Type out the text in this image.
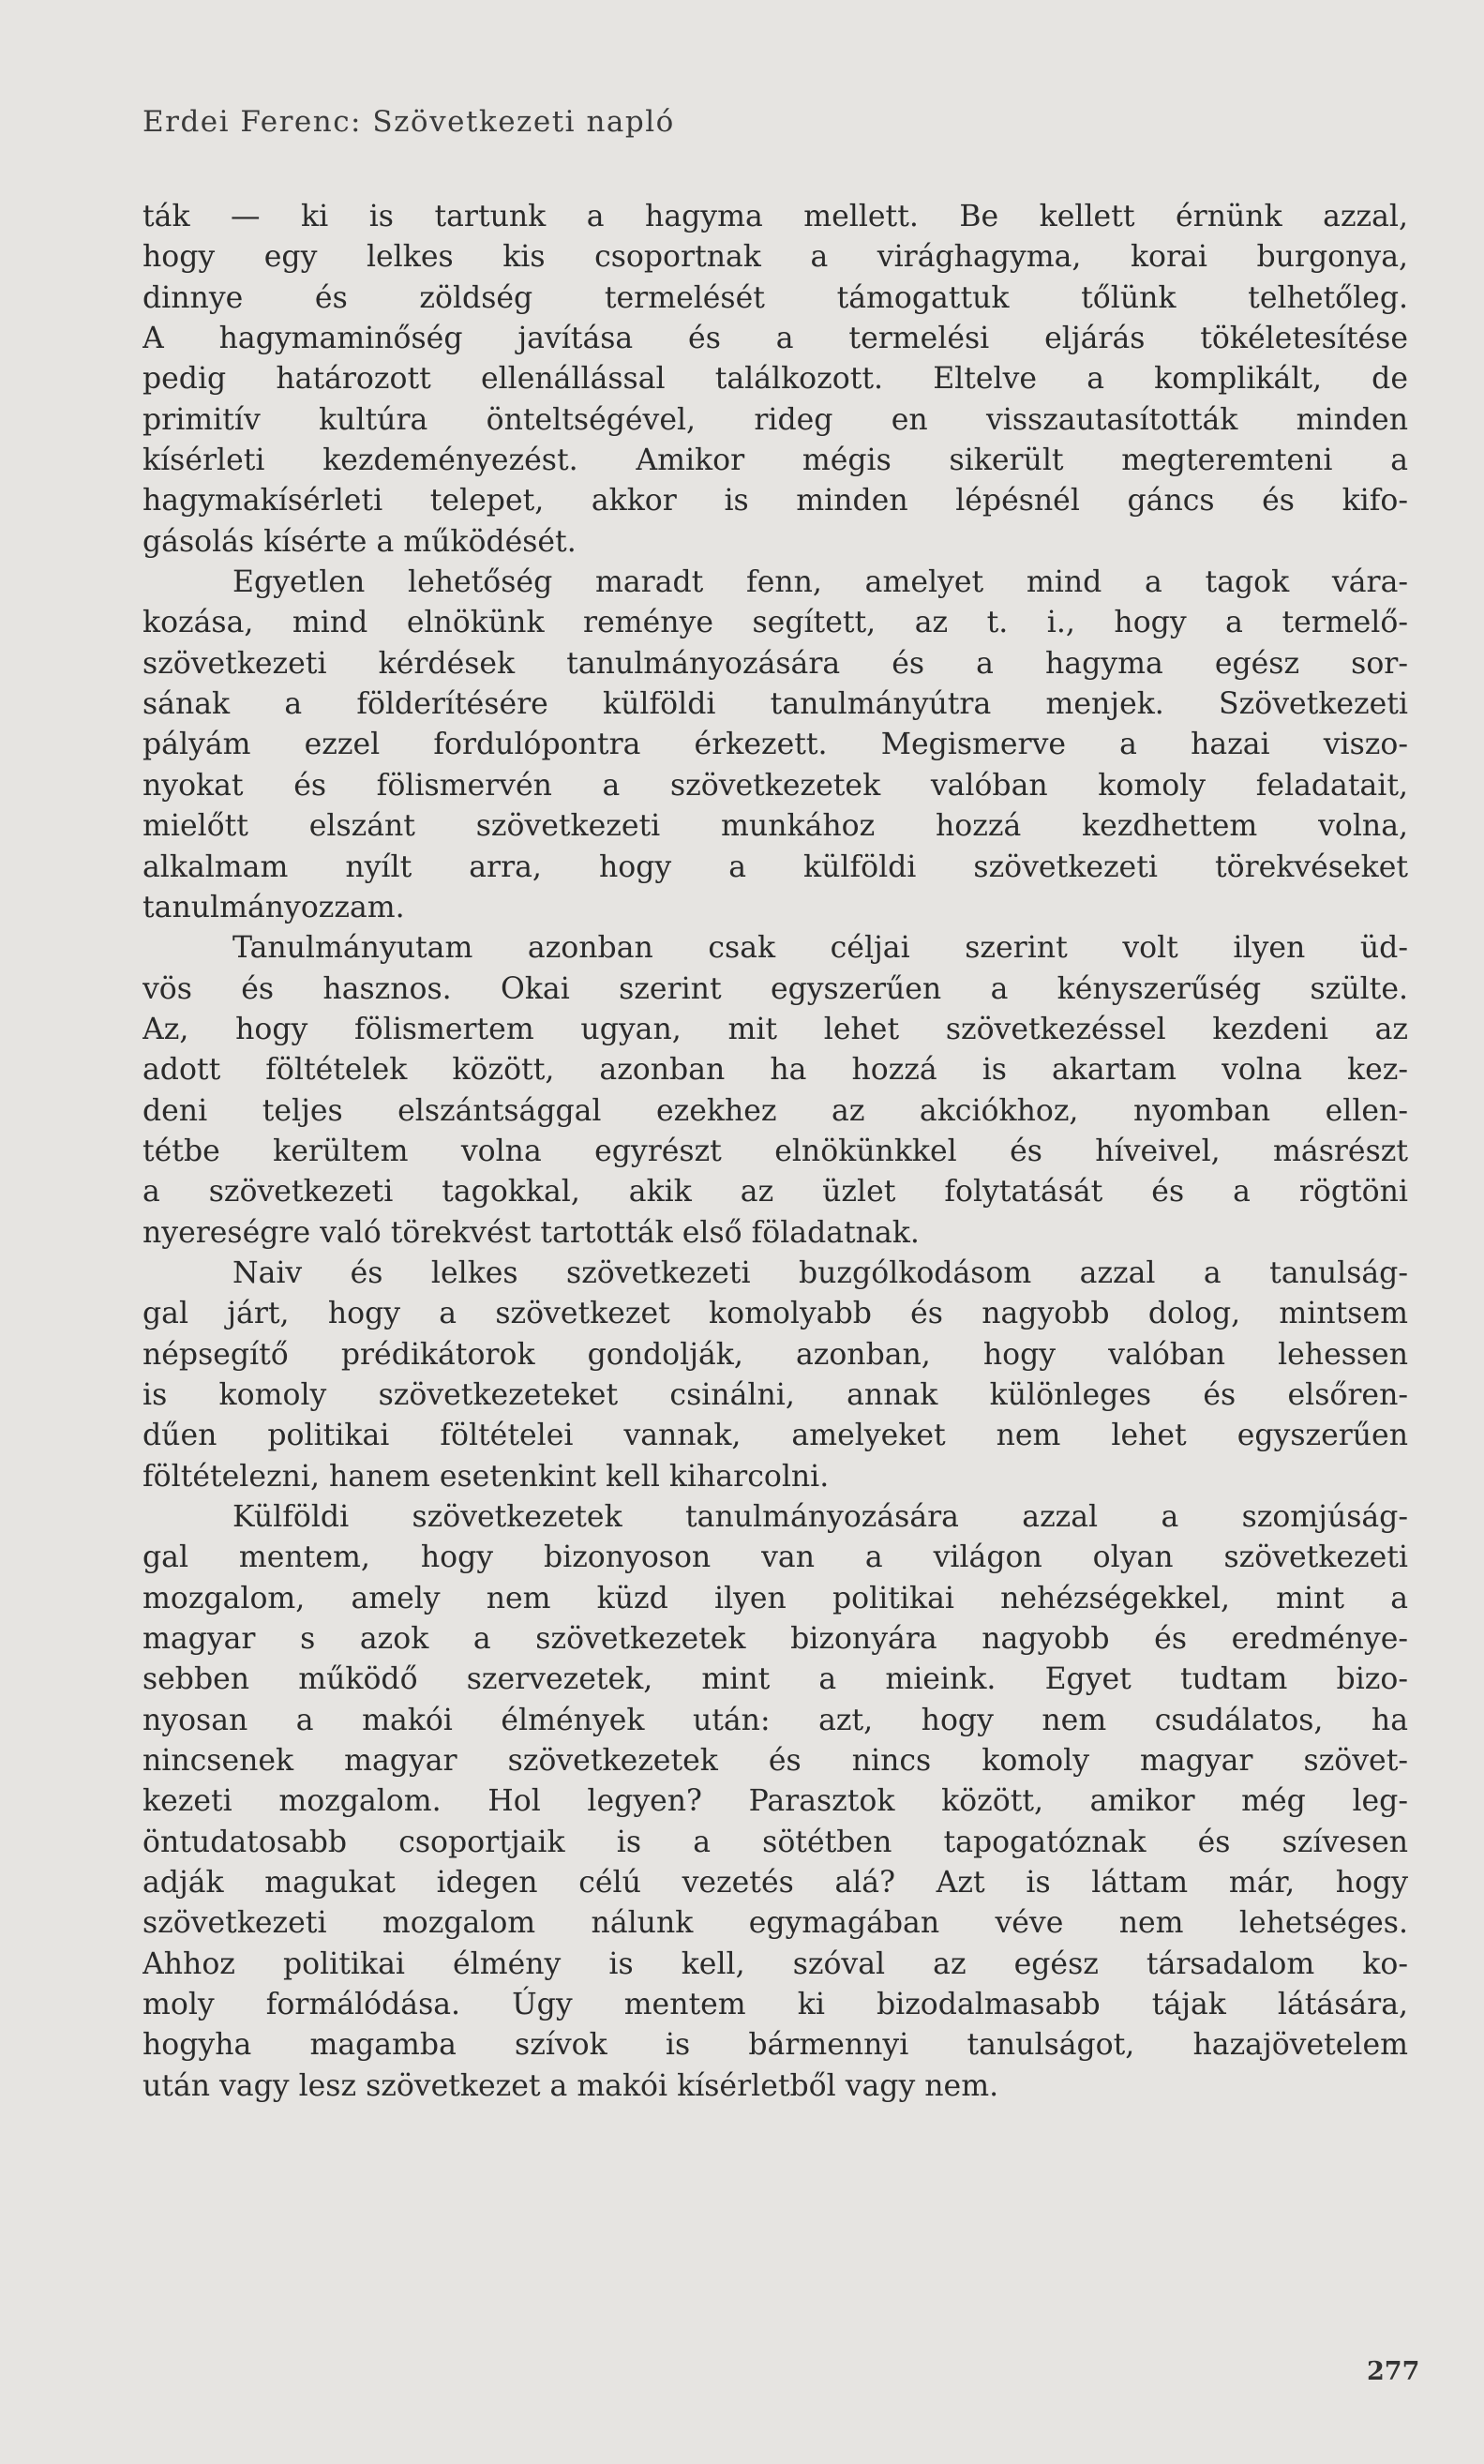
Erdei Ferenc: Szövetkezeti napló
ták — ki is tartunk a hagyma mellett. Be kellett érnünk azzal,
hogy egy lelkes kis csoportnak a virághagyma, korai burgonya,
dinnye és zöldség termelését támogattuk tőlünk telhetőleg.
A hagymaminőség javítása és a termelési eljárás tökéletesítése
pedig határozott ellenállással találkozott. Eltelve a komplikált, de
primitív kultúra önteltségével, rideg en visszautasították minden
kísérleti kezdeményezést. Amikor mégis sikerült megteremteni a
hagymakísérleti telepet, akkor is minden lépésnél gáncs és kifo-
gásolás kísérte a működését.
Egyetlen lehetőség maradt fenn, amelyet mind a tagok vára-
kozása, mind elnökünk reménye segített, az t. i., hogy a termelő-
szövetkezeti kérdések tanulmányozására és a hagyma egész sor-
sának a földerítésére külföldi tanulmányútra menjek. Szövetkezeti
pályám ezzel fordulópontra érkezett. Megismerve a hazai viszo-
nyokat és fölismervén a szövetkezetek valóban komoly feladatait,
mielőtt elszánt szövetkezeti munkához hozzá kezdhettem volna,
alkalmam nyílt arra, hogy a külföldi szövetkezeti törekvéseket
tanulmányozzam.
Tanulmányutam azonban csak céljai szerint volt ilyen üd-
vös és hasznos. Okai szerint egyszerűen a kényszerűség szülte.
Az, hogy fölismertem ugyan, mit lehet szövetkezéssel kezdeni az
adott föltételek között, azonban ha hozzá is akartam volna kez-
deni teljes elszántsággal ezekhez az akciókhoz, nyomban ellen-
tétbe kerültem volna egyrészt elnökünkkel és híveivel, másrészt
a szövetkezeti tagokkal, akik az üzlet folytatását és a rögtöni
nyereségre való törekvést tartották első föladatnak.
Naiv és lelkes szövetkezeti buzgólkodásom azzal a tanulság-
gal járt, hogy a szövetkezet komolyabb és nagyobb dolog, mintsem
népsegítő prédikátorok gondolják, azonban, hogy valóban lehessen
is komoly szövetkezeteket csinálni, annak különleges és elsőren-
dűen politikai föltételei vannak, amelyeket nem lehet egyszerűen
föltételezni, hanem esetenkint kell kiharcolni.
Külföldi szövetkezetek tanulmányozására azzal a szomjúság-
gal mentem, hogy bizonyoson van a világon olyan szövetkezeti
mozgalom, amely nem küzd ilyen politikai nehézségekkel, mint a
magyar s azok a szövetkezetek bizonyára nagyobb és eredménye-
sebben működő szervezetek, mint a mieink. Egyet tudtam bizo-
nyosan a makói élmények után: azt, hogy nem csudálatos, ha
nincsenek magyar szövetkezetek és nincs komoly magyar szövet-
kezeti mozgalom. Hol legyen? Parasztok között, amikor még leg-
öntudatosabb csoportjaik is a sötétben tapogatóznak és szívesen
adják magukat idegen célú vezetés alá? Azt is láttam már, hogy
szövetkezeti mozgalom nálunk egymagában véve nem lehetséges.
Ahhoz politikai élmény is kell, szóval az egész társadalom ko-
moly formálódása. Úgy mentem ki bizodalmasabb tájak látására,
hogyha magamba szívok is bármennyi tanulságot, hazajövetelem
után vagy lesz szövetkezet a makói kísérletből vagy nem.
277
